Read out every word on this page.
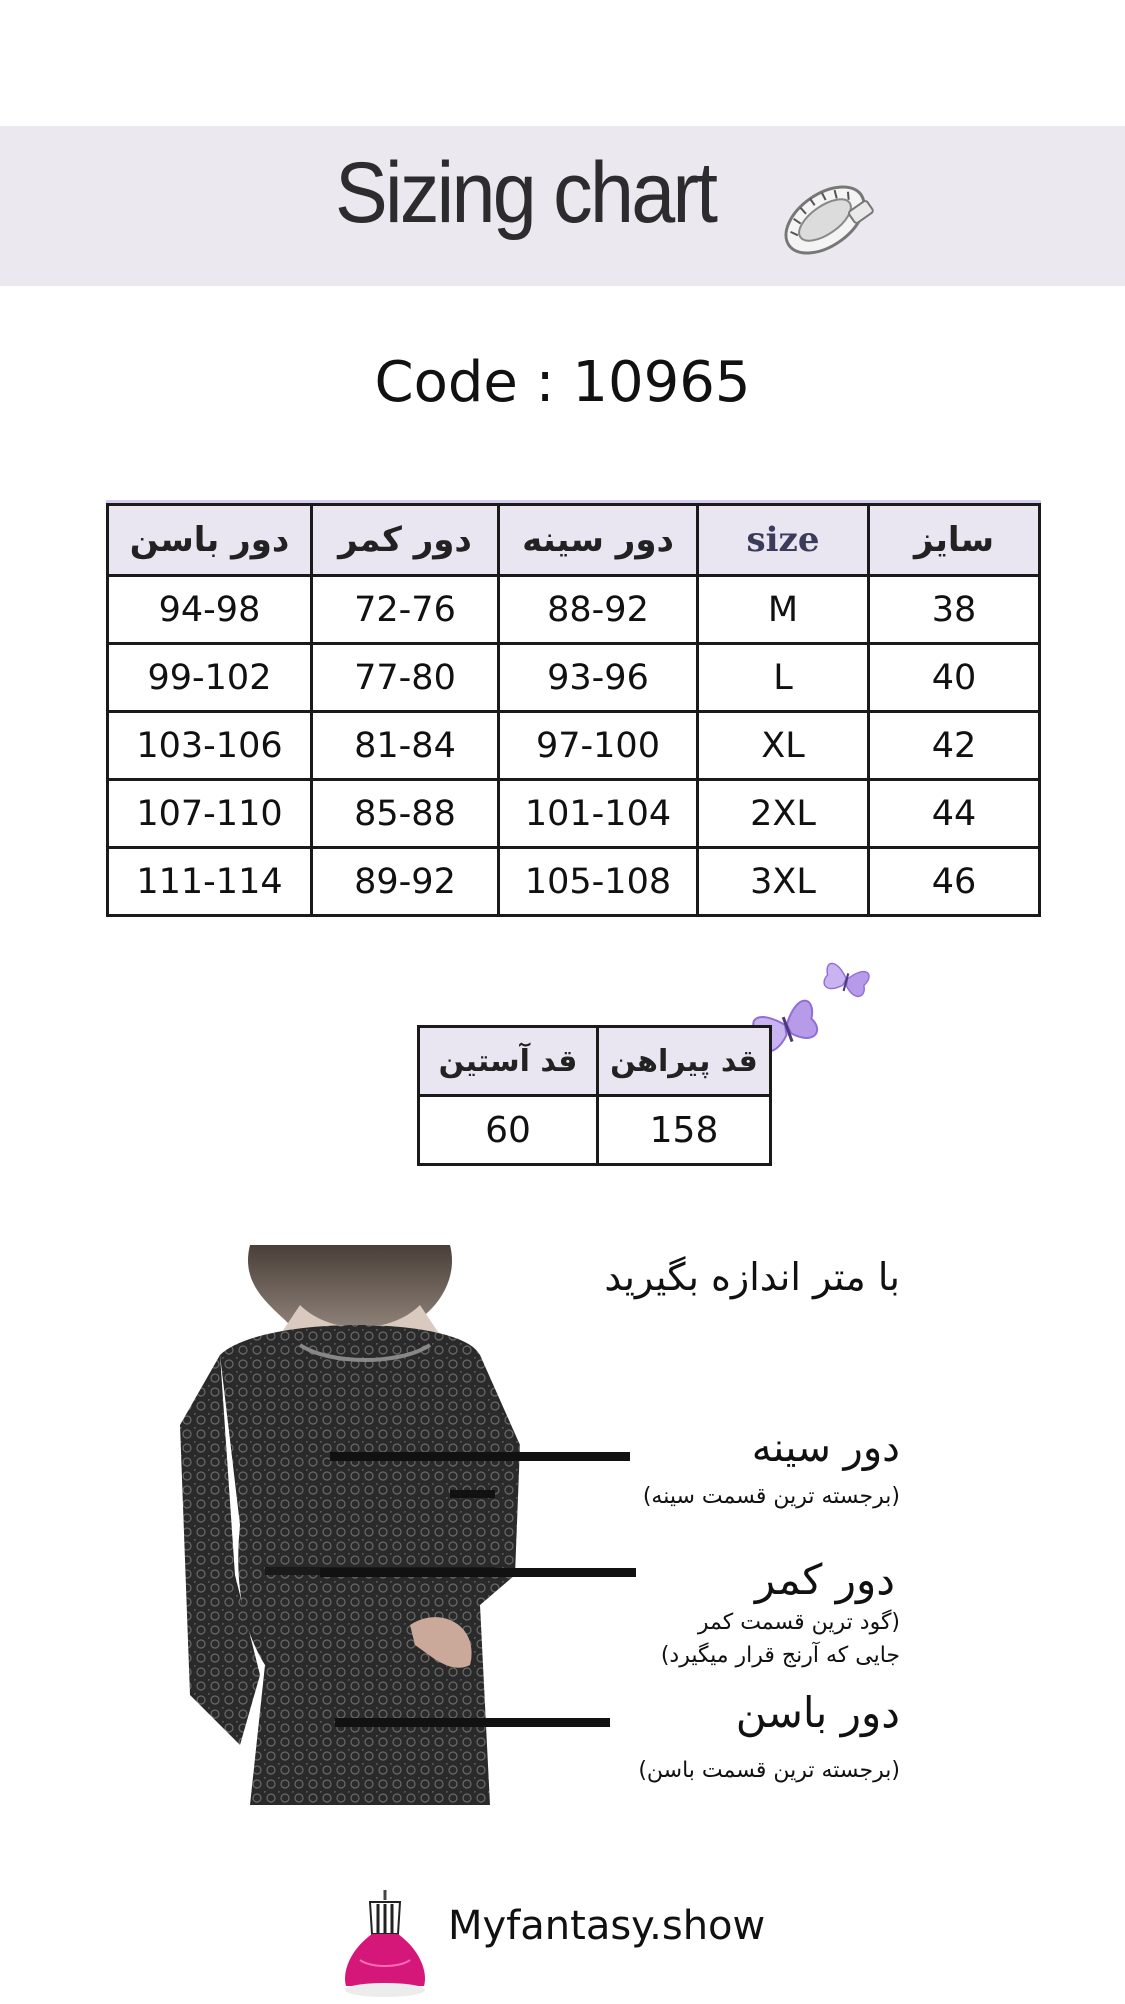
Sizing chart
Code : 10965
دور باسن	دور کمر	دور سینه	size	سایز
94-98	72-76	88-92	M	38
99-102	77-80	93-96	L	40
103-106	81-84	97-100	XL	42
107-110	85-88	101-104	2XL	44
111-114	89-92	105-108	3XL	46
قد آستین	قد پیراهن
60	158
با متر اندازه بگیرید
دور سینه
(برجسته ترین قسمت سینه)
دور کمر
(گود ترین قسمت کمر
جایی که آرنج قرار میگیرد)
دور باسن
(برجسته ترین قسمت باسن)
Myfantasy.show
